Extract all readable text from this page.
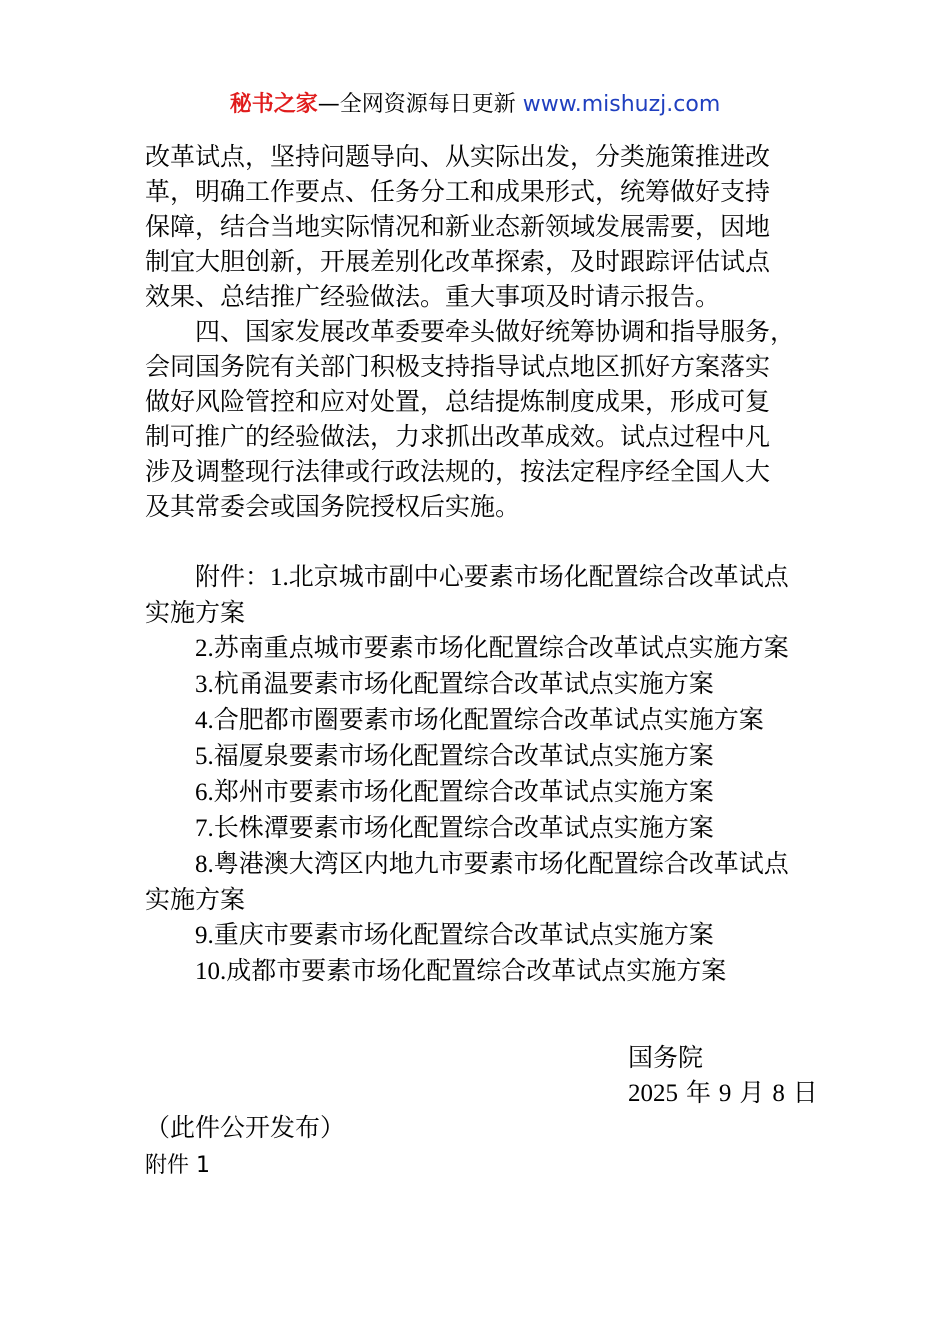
秘书之家—全网资源每日更新 www.mishuzj.com

改革试点，坚持问题导向、从实际出发，分类施策推进改

革，明确工作要点、任务分工和成果形式，统筹做好支持

保障，结合当地实际情况和新业态新领域发展需要，因地

制宜大胆创新，开展差别化改革探索，及时跟踪评估试点

效果、总结推广经验做法。重大事项及时请示报告。

四、国家发展改革委要牵头做好统筹协调和指导服务，

会同国务院有关部门积极支持指导试点地区抓好方案落实

做好风险管控和应对处置，总结提炼制度成果，形成可复

制可推广的经验做法，力求抓出改革成效。试点过程中凡

涉及调整现行法律或行政法规的，按法定程序经全国人大

及其常委会或国务院授权后实施。

附件：1.北京城市副中心要素市场化配置综合改革试点

实施方案

2.苏南重点城市要素市场化配置综合改革试点实施方案

3.杭甬温要素市场化配置综合改革试点实施方案

4.合肥都市圈要素市场化配置综合改革试点实施方案

5.福厦泉要素市场化配置综合改革试点实施方案

6.郑州市要素市场化配置综合改革试点实施方案

7.长株潭要素市场化配置综合改革试点实施方案

8.粤港澳大湾区内地九市要素市场化配置综合改革试点

实施方案

9.重庆市要素市场化配置综合改革试点实施方案

10.成都市要素市场化配置综合改革试点实施方案

国务院
2025 年 9 月 8 日
（此件公开发布）
附件 1
